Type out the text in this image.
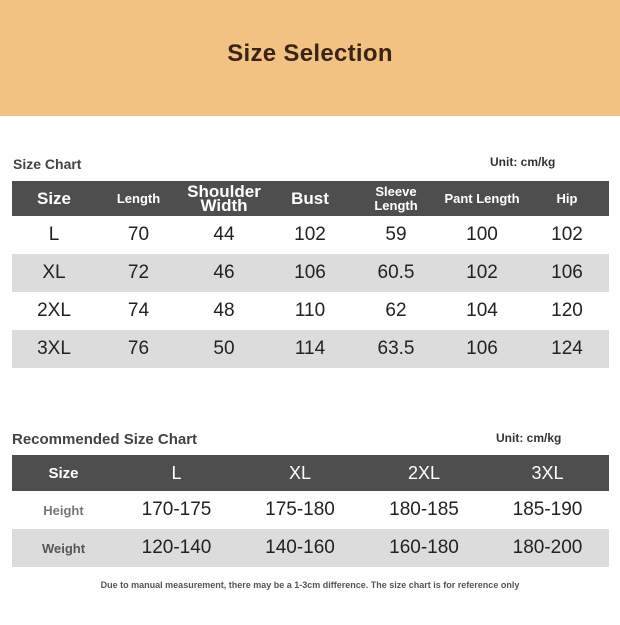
Size Selection
Size Chart	Unit: cm/kg
Size	Length	Shoulder Width	Bust	Sleeve Length	Pant Length	Hip
L	70	44	102	59	100	102
XL	72	46	106	60.5	102	106
2XL	74	48	110	62	104	120
3XL	76	50	114	63.5	106	124
Recommended Size Chart	Unit: cm/kg
Size	L	XL	2XL	3XL
Height	170-175	175-180	180-185	185-190
Weight	120-140	140-160	160-180	180-200
Due to manual measurement, there may be a 1-3cm difference. The size chart is for reference only
